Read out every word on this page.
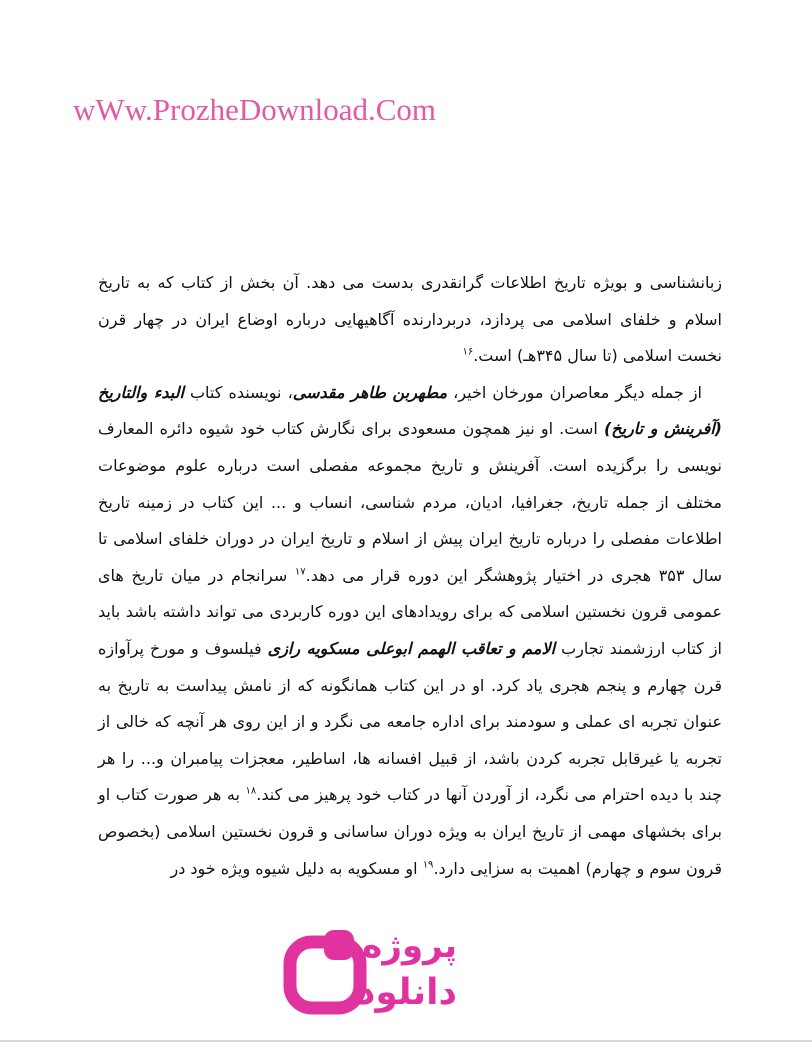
wWw.ProzheDownload.Com

زبانشناسی و بویژه تاریخ اطلاعات گرانقدری بدست می دهد. آن بخش از کتاب که به تاریخ اسلام و خلفای اسلامی می پردازد، دربردارنده آگاهیهایی درباره اوضاع ایران در چهار قرن نخست اسلامی (تا سال ۳۴۵هـ) است.$^{۱۶}$

از جمله دیگر معاصران مورخان اخیر، مطهربن طاهر مقدسی، نویسنده کتاب البدء والتاریخ (آفرینش و تاریخ) است. او نیز همچون مسعودی برای نگارش کتاب خود شیوه دائره المعارف نویسی را برگزیده است. آفرینش و تاریخ مجموعه مفصلی است درباره علوم موضوعات مختلف از جمله تاریخ، جغرافیا، ادیان، مردم شناسی، انساب و ... این کتاب در زمینه تاریخ اطلاعات مفصلی را درباره تاریخ ایران پیش از اسلام و تاریخ ایران در دوران خلفای اسلامی تا سال ۳۵۳ هجری در اختیار پژوهشگر این دوره قرار می دهد.$^{۱۷}$ سرانجام در میان تاریخ های عمومی قرون نخستین اسلامی که برای رویدادهای این دوره کاربردی می تواند داشته باشد باید از کتاب ارزشمند تجارب الامم و تعاقب الهمم ابوعلی مسکویه رازی فیلسوف و مورخ پرآوازه قرن چهارم و پنجم هجری یاد کرد. او در این کتاب همانگونه که از نامش پیداست به تاریخ به عنوان تجربه ای عملی و سودمند برای اداره جامعه می نگرد و از این روی هر آنچه که خالی از تجربه یا غیرقابل تجربه کردن باشد، از قبیل افسانه ها، اساطیر، معجزات پیامبران و... را هر چند با دیده احترام می نگرد، از آوردن آنها در کتاب خود پرهیز می کند.$^{۱۸}$ به هر صورت کتاب او برای بخشهای مهمی از تاریخ ایران به ویژه دوران ساسانی و قرون نخستین اسلامی (بخصوص قرون سوم و چهارم) اهمیت به سزایی دارد.$^{۱۹}$ او مسکویه به دلیل شیوه ویژه خود در

پروژه
دانلود
